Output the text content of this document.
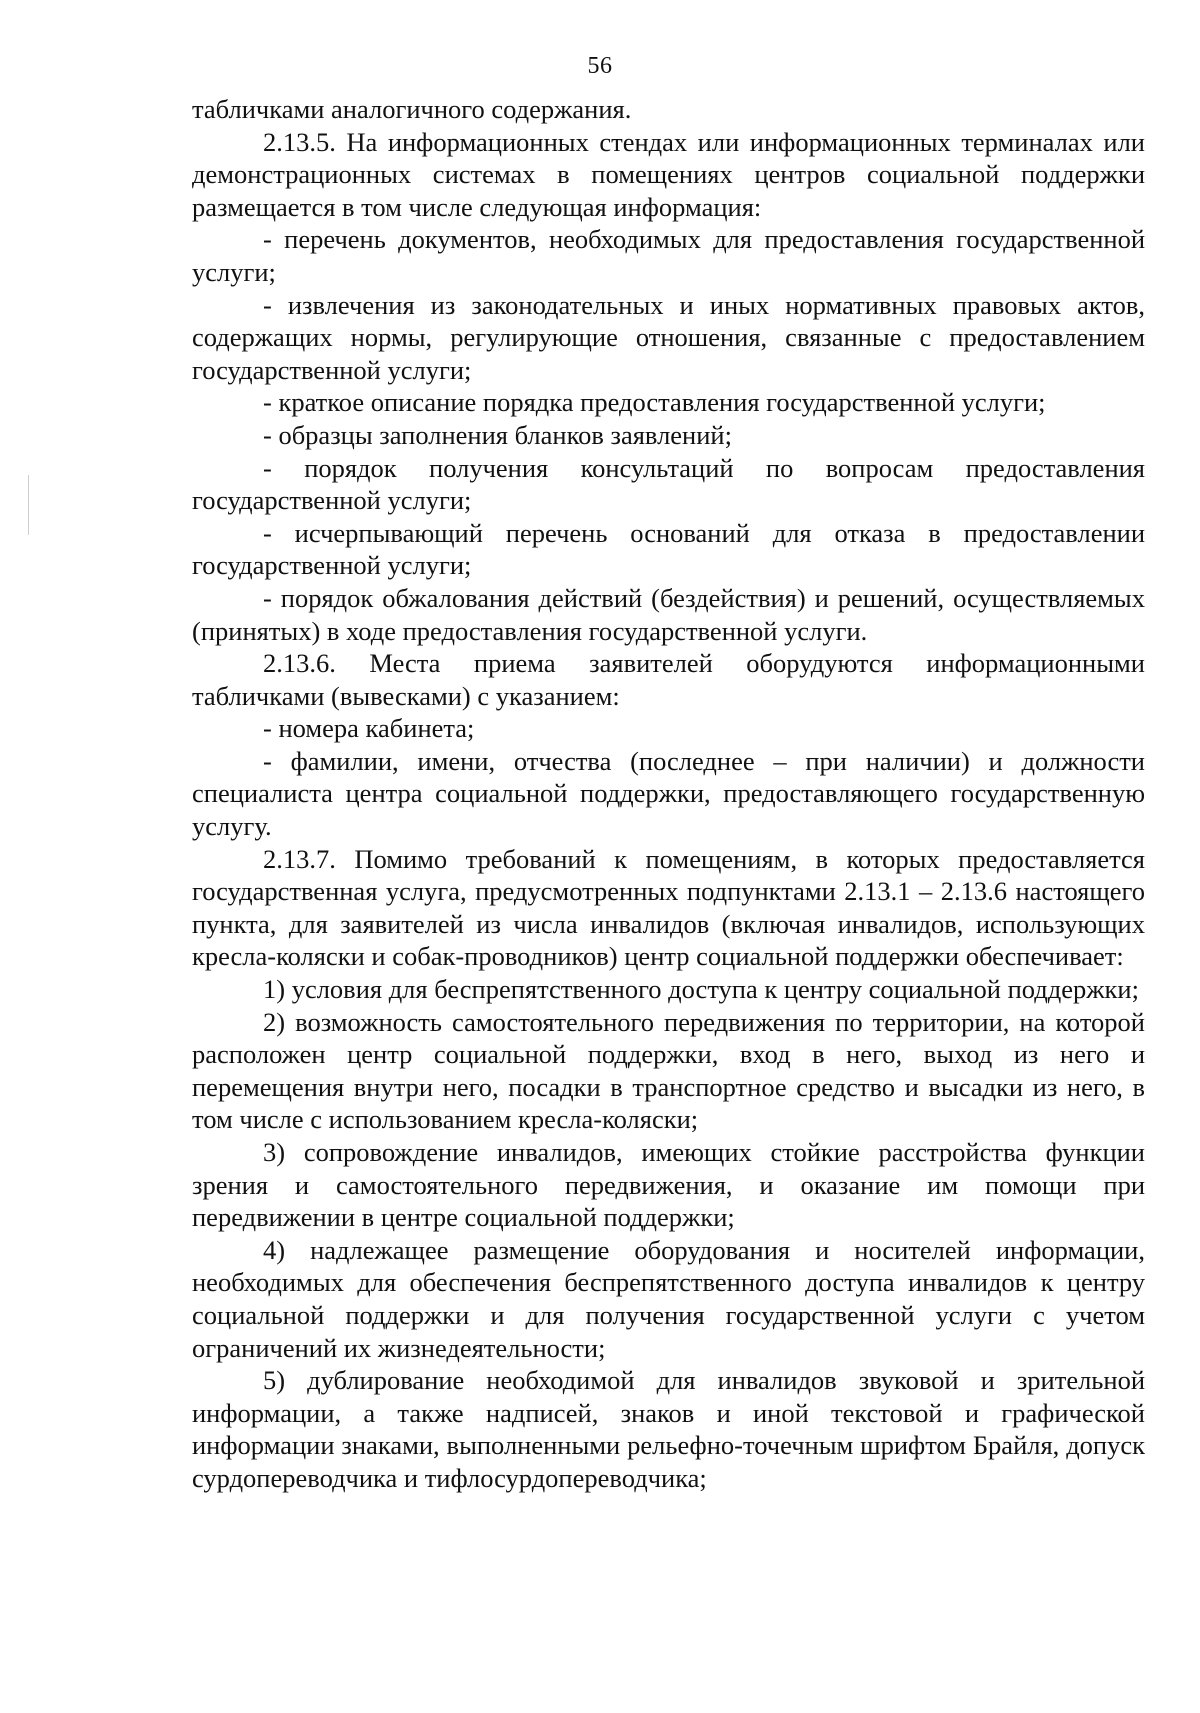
56

табличками аналогичного содержания.

2.13.5. На информационных стендах или информационных терминалах или демонстрационных системах в помещениях центров социальной поддержки размещается в том числе следующая информация:

- перечень документов, необходимых для предоставления государственной услуги;

- извлечения из законодательных и иных нормативных правовых актов, содержащих нормы, регулирующие отношения, связанные с предоставлением государственной услуги;

- краткое описание порядка предоставления государственной услуги;

- образцы заполнения бланков заявлений;

- порядок получения консультаций по вопросам предоставления государственной услуги;

- исчерпывающий перечень оснований для отказа в предоставлении государственной услуги;

- порядок обжалования действий (бездействия) и решений, осуществляемых (принятых) в ходе предоставления государственной услуги.

2.13.6. Места приема заявителей оборудуются информационными табличками (вывесками) с указанием:

- номера кабинета;

- фамилии, имени, отчества (последнее – при наличии) и должности специалиста центра социальной поддержки, предоставляющего государственную услугу.

2.13.7. Помимо требований к помещениям, в которых предоставляется государственная услуга, предусмотренных подпунктами 2.13.1 – 2.13.6 настоящего пункта, для заявителей из числа инвалидов (включая инвалидов, использующих кресла-коляски и собак-проводников) центр социальной поддержки обеспечивает:

1) условия для беспрепятственного доступа к центру социальной поддержки;

2) возможность самостоятельного передвижения по территории, на которой расположен центр социальной поддержки, вход в него, выход из него и перемещения внутри него, посадки в транспортное средство и высадки из него, в том числе с использованием кресла-коляски;

3) сопровождение инвалидов, имеющих стойкие расстройства функции зрения и самостоятельного передвижения, и оказание им помощи при передвижении в центре социальной поддержки;

4) надлежащее размещение оборудования и носителей информации, необходимых для обеспечения беспрепятственного доступа инвалидов к центру социальной поддержки и для получения государственной услуги с учетом ограничений их жизнедеятельности;

5) дублирование необходимой для инвалидов звуковой и зрительной информации, а также надписей, знаков и иной текстовой и графической информации знаками, выполненными рельефно-точечным шрифтом Брайля, допуск сурдопереводчика и тифлосурдопереводчика;
